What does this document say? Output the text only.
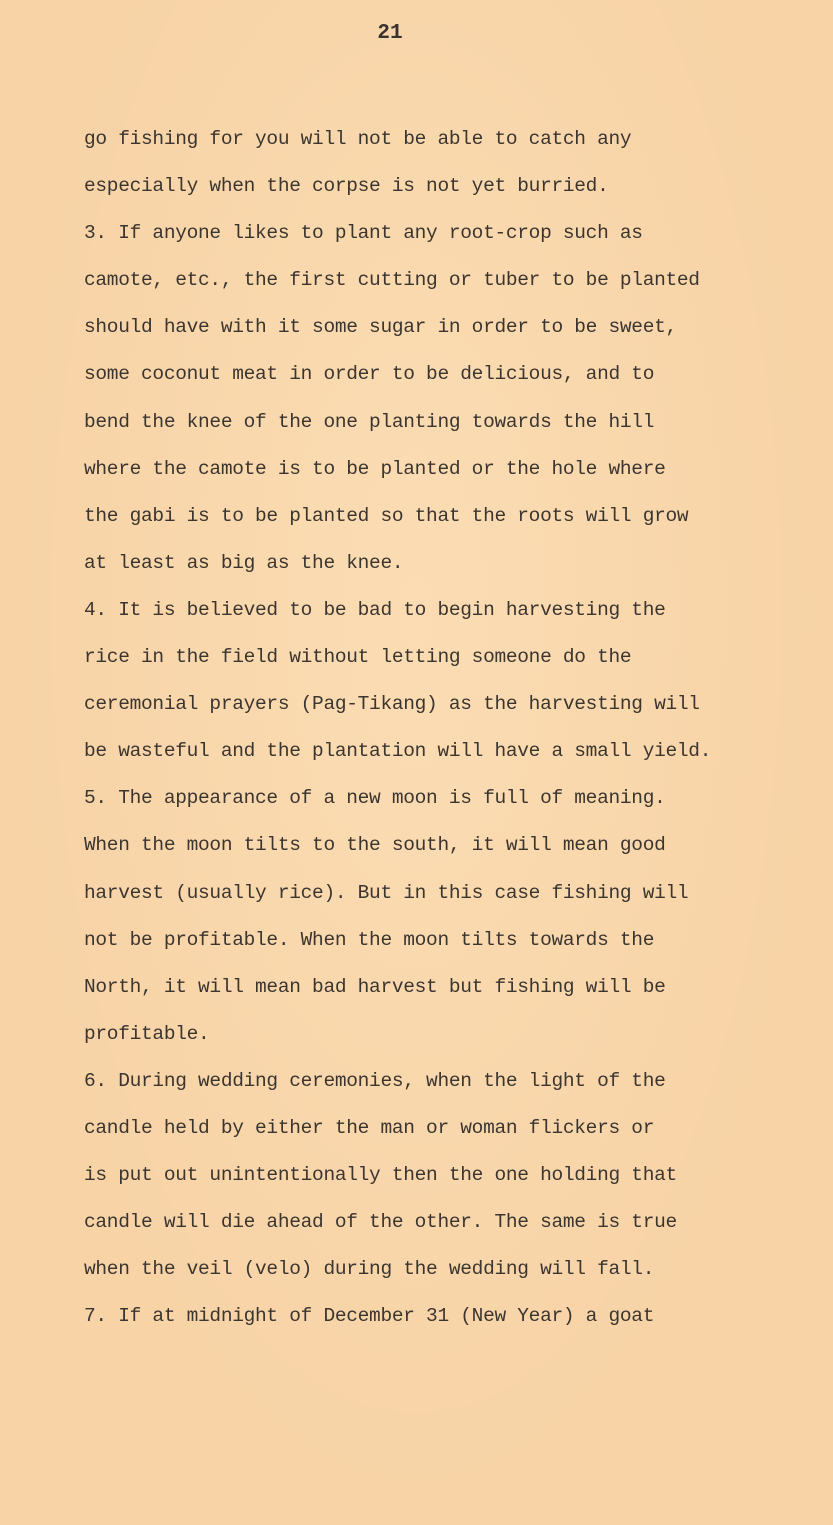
21
go fishing for you will not be able to catch any
especially when the corpse is not yet burried.
3. If anyone likes to plant any root-crop such as
camote, etc., the first cutting or tuber to be planted
should have with it some sugar in order to be sweet,
some coconut meat in order to be delicious, and to
bend the knee of the one planting towards the hill
where the camote is to be planted or the hole where
the gabi is to be planted so that the roots will grow
at least as big as the knee.
4. It is believed to be bad to begin harvesting the
rice in the field without letting someone do the
ceremonial prayers (Pag-Tikang) as the harvesting will
be wasteful and the plantation will have a small yield.
5. The appearance of a new moon is full of meaning.
When the moon tilts to the south, it will mean good
harvest (usually rice). But in this case fishing will
not be profitable. When the moon tilts towards the
North, it will mean bad harvest but fishing will be
profitable.
6. During wedding ceremonies, when the light of the
candle held by either the man or woman flickers or
is put out unintentionally then the one holding that
candle will die ahead of the other. The same is true
when the veil (velo) during the wedding will fall.
7. If at midnight of December 31 (New Year) a goat
